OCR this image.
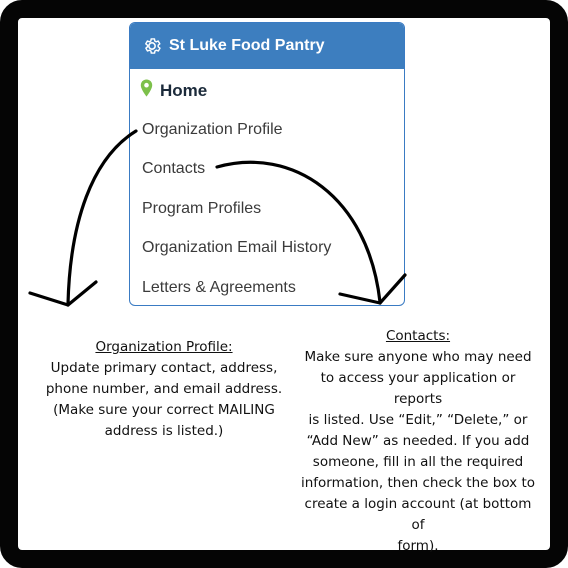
St Luke Food Pantry
Home
Organization Profile
Contacts
Program Profiles
Organization Email History
Letters & Agreements
Organization Profile:
Update primary contact, address,
phone number, and email address.
(Make sure your correct MAILING
address is listed.)
Contacts:
Make sure anyone who may need
to access your application or reports
is listed. Use “Edit,” “Delete,” or
“Add New” as needed. If you add
someone, fill in all the required
information, then check the box to
create a login account (at bottom of
form).
